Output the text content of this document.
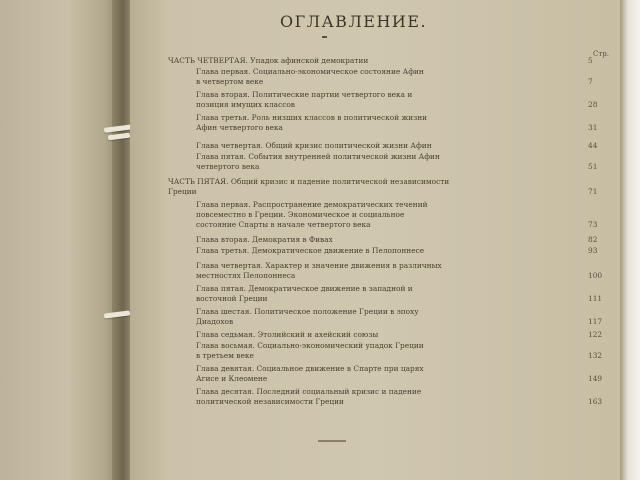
ОГЛАВЛЕНИЕ.
Стр.
ЧАСТЬ ЧЕТВЕРТАЯ. Упадок афинской демократии	5
Глава первая. Социально-экономическое состояние Афин
в четвертом веке	7
Глава вторая. Политические партии четвертого века и
позиция имущих классов	28
Глава третья. Роль низших классов в политической жизни
Афин четвертого века	31
Глава четвертая. Общий кризис политической жизни Афин	44
Глава пятая. События внутренней политической жизни Афин
четвертого века	51
ЧАСТЬ ПЯТАЯ. Общий кризис и падение политической независимости
Греции	71
Глава первая. Распространение демократических течений
повсеместно в Греции. Экономическое и социальное
состояние Спарты в начале четвертого века	73
Глава вторая. Демократия в Фивах	82
Глава третья. Демократическое движение в Пелопоннесе	93
Глава четвертая. Характер и значение движения в различных
местностях Пелопоннеса	100
Глава пятая. Демократическое движение в западной и
восточной Греции	111
Глава шестая. Политическое положение Греции в эпоху
Диадохов	117
Глава седьмая. Этолийский и ахейский союзы	122
Глава восьмая. Социально-экономический упадок Греции
в третьем веке	132
Глава девятая. Социальное движение в Спарте при царях
Агисе и Клеомене	149
Глава десятая. Последний социальный кризис и падение
политической независимости Греции	163
